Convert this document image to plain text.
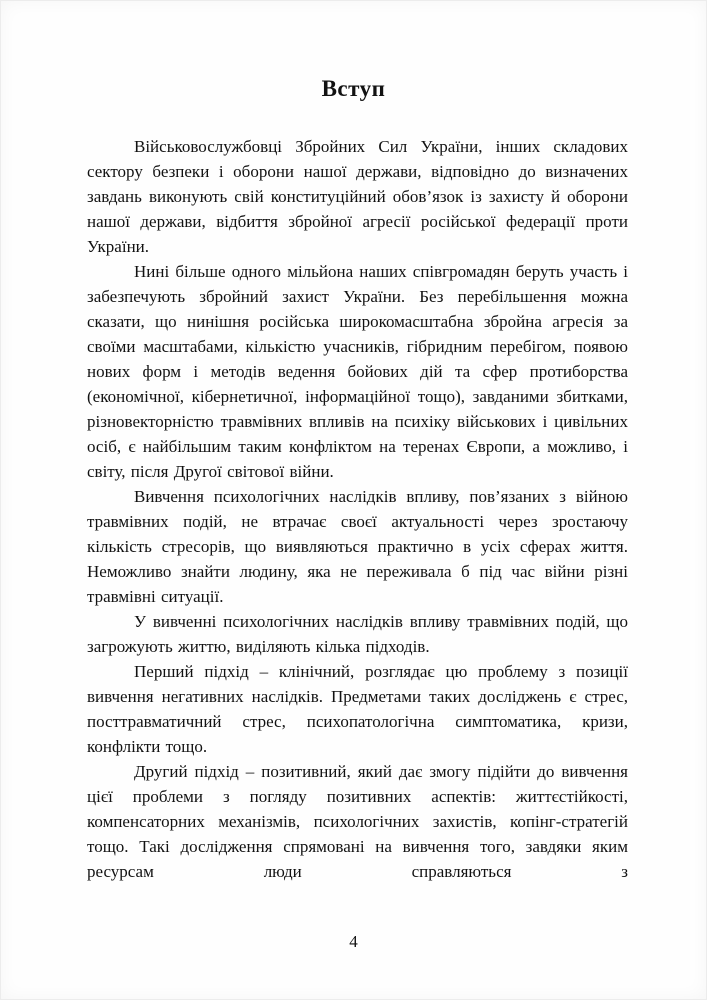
Вступ

Військовослужбовці Збройних Сил України, інших складових сектору безпеки і оборони нашої держави, відповідно до визначених завдань виконують свій конституційний обов’язок із захисту й оборони нашої держави, відбиття збройної агресії російської федерації проти України.

Нині більше одного мільйона наших співгромадян беруть участь і забезпечують збройний захист України. Без перебільшення можна сказати, що нинішня російська широкомасштабна збройна агресія за своїми масштабами, кількістю учасників, гібридним перебігом, появою нових форм і методів ведення бойових дій та сфер протиборства (економічної, кібернетичної, інформаційної тощо), завданими збитками, різновекторністю травмівних впливів на психіку військових і цивільних осіб, є найбільшим таким конфліктом на теренах Європи, а можливо, і світу, після Другої світової війни.

Вивчення психологічних наслідків впливу, пов’язаних з війною травмівних подій, не втрачає своєї актуальності через зростаючу кількість стресорів, що виявляються практично в усіх сферах життя. Неможливо знайти людину, яка не переживала б під час війни різні травмівні ситуації.

У вивченні психологічних наслідків впливу травмівних подій, що загрожують життю, виділяють кілька підходів.

Перший підхід – клінічний, розглядає цю проблему з позиції вивчення негативних наслідків. Предметами таких досліджень є стрес, посттравматичний стрес, психопатологічна симптоматика, кризи, конфлікти тощо.

Другий підхід – позитивний, який дає змогу підійти до вивчення цієї проблеми з погляду позитивних аспектів: життєстійкості, компенсаторних механізмів, психологічних захистів, копінг-стратегій тощо. Такі дослідження спрямовані на вивчення того, завдяки яким ресурсам люди справляються з

4
